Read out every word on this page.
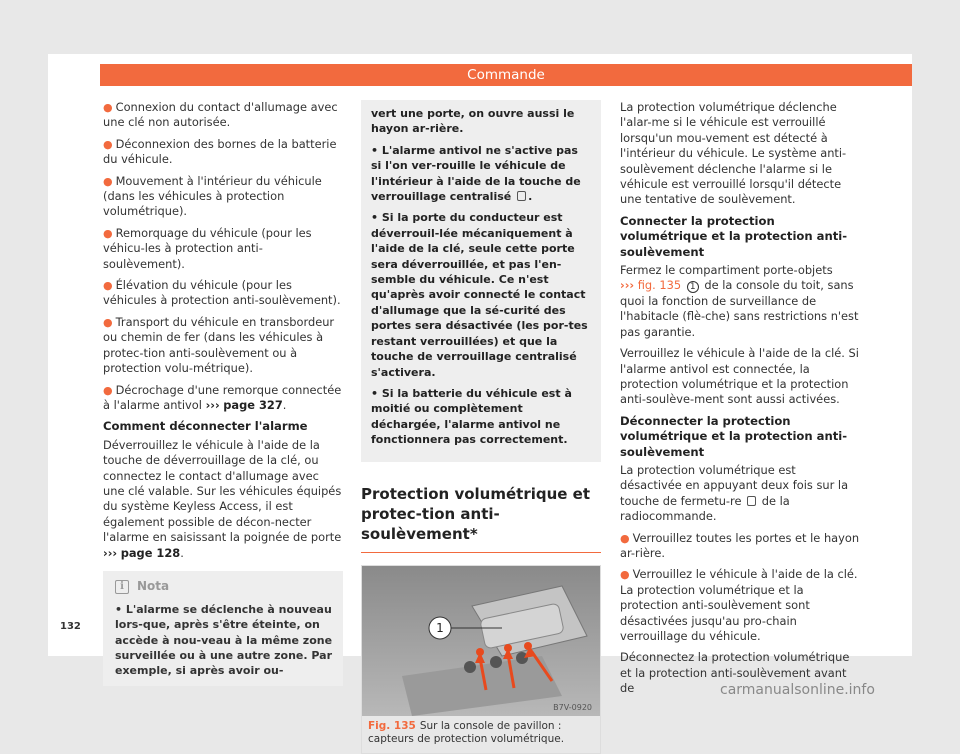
Commande

● Connexion du contact d'allumage avec une clé non autorisée.

● Déconnexion des bornes de la batterie du véhicule.

● Mouvement à l'intérieur du véhicule (dans les véhicules à protection volumétrique).

● Remorquage du véhicule (pour les véhicu-les à protection anti-soulèvement).

● Élévation du véhicule (pour les véhicules à protection anti-soulèvement).

● Transport du véhicule en transbordeur ou chemin de fer (dans les véhicules à protec-tion anti-soulèvement ou à protection volu-métrique).

● Décrochage d'une remorque connectée à l'alarme antivol ››› page 327.

Comment déconnecter l'alarme

Déverrouillez le véhicule à l'aide de la touche de déverrouillage de la clé, ou connectez le contact d'allumage avec une clé valable. Sur les véhicules équipés du système Keyless Access, il est également possible de décon-necter l'alarme en saisissant la poignée de porte ››› page 128.

i	Nota
• L'alarme se déclenche à nouveau lors-que, après s'être éteinte, on accède à nou-veau à la même zone surveillée ou à une autre zone. Par exemple, si après avoir ou-

vert une porte, on ouvre aussi le hayon ar-rière.

• L'alarme antivol ne s'active pas si l'on ver-rouille le véhicule de l'intérieur à l'aide de la touche de verrouillage centralisé .

• Si la porte du conducteur est déverrouil-lée mécaniquement à l'aide de la clé, seule cette porte sera déverrouillée, et pas l'en-semble du véhicule. Ce n'est qu'après avoir connecté le contact d'allumage que la sé-curité des portes sera désactivée (les por-tes restant verrouillées) et que la touche de verrouillage centralisé s'activera.

• Si la batterie du véhicule est à moitié ou complètement déchargée, l'alarme antivol ne fonctionnera pas correctement.

Protection volumétrique et protec-tion anti-soulèvement*
1
B7V-0920
Fig. 135 Sur la console de pavillon : capteurs de protection volumétrique.

La protection volumétrique déclenche l'alar-me si le véhicule est verrouillé lorsqu'un mou-vement est détecté à l'intérieur du véhicule. Le système anti-soulèvement déclenche l'alarme si le véhicule est verrouillé lorsqu'il détecte une tentative de soulèvement.

Connecter la protection volumétrique et la protection anti-soulèvement

Fermez le compartiment porte-objets
››› fig. 135 1 de la console du toit, sans quoi la fonction de surveillance de l'habitacle (flè-che) sans restrictions n'est pas garantie.

Verrouillez le véhicule à l'aide de la clé. Si l'alarme antivol est connectée, la protection volumétrique et la protection anti-soulève-ment sont aussi activées.

Déconnecter la protection volumétrique et la protection anti-soulèvement

La protection volumétrique est désactivée en appuyant deux fois sur la touche de fermetu-re de la radiocommande.

● Verrouillez toutes les portes et le hayon ar-rière.

● Verrouillez le véhicule à l'aide de la clé. La protection volumétrique et la protection anti-soulèvement sont désactivées jusqu'au pro-chain verrouillage du véhicule.

Déconnectez la protection volumétrique et la protection anti-soulèvement avant de

132
carmanualsonline.info
